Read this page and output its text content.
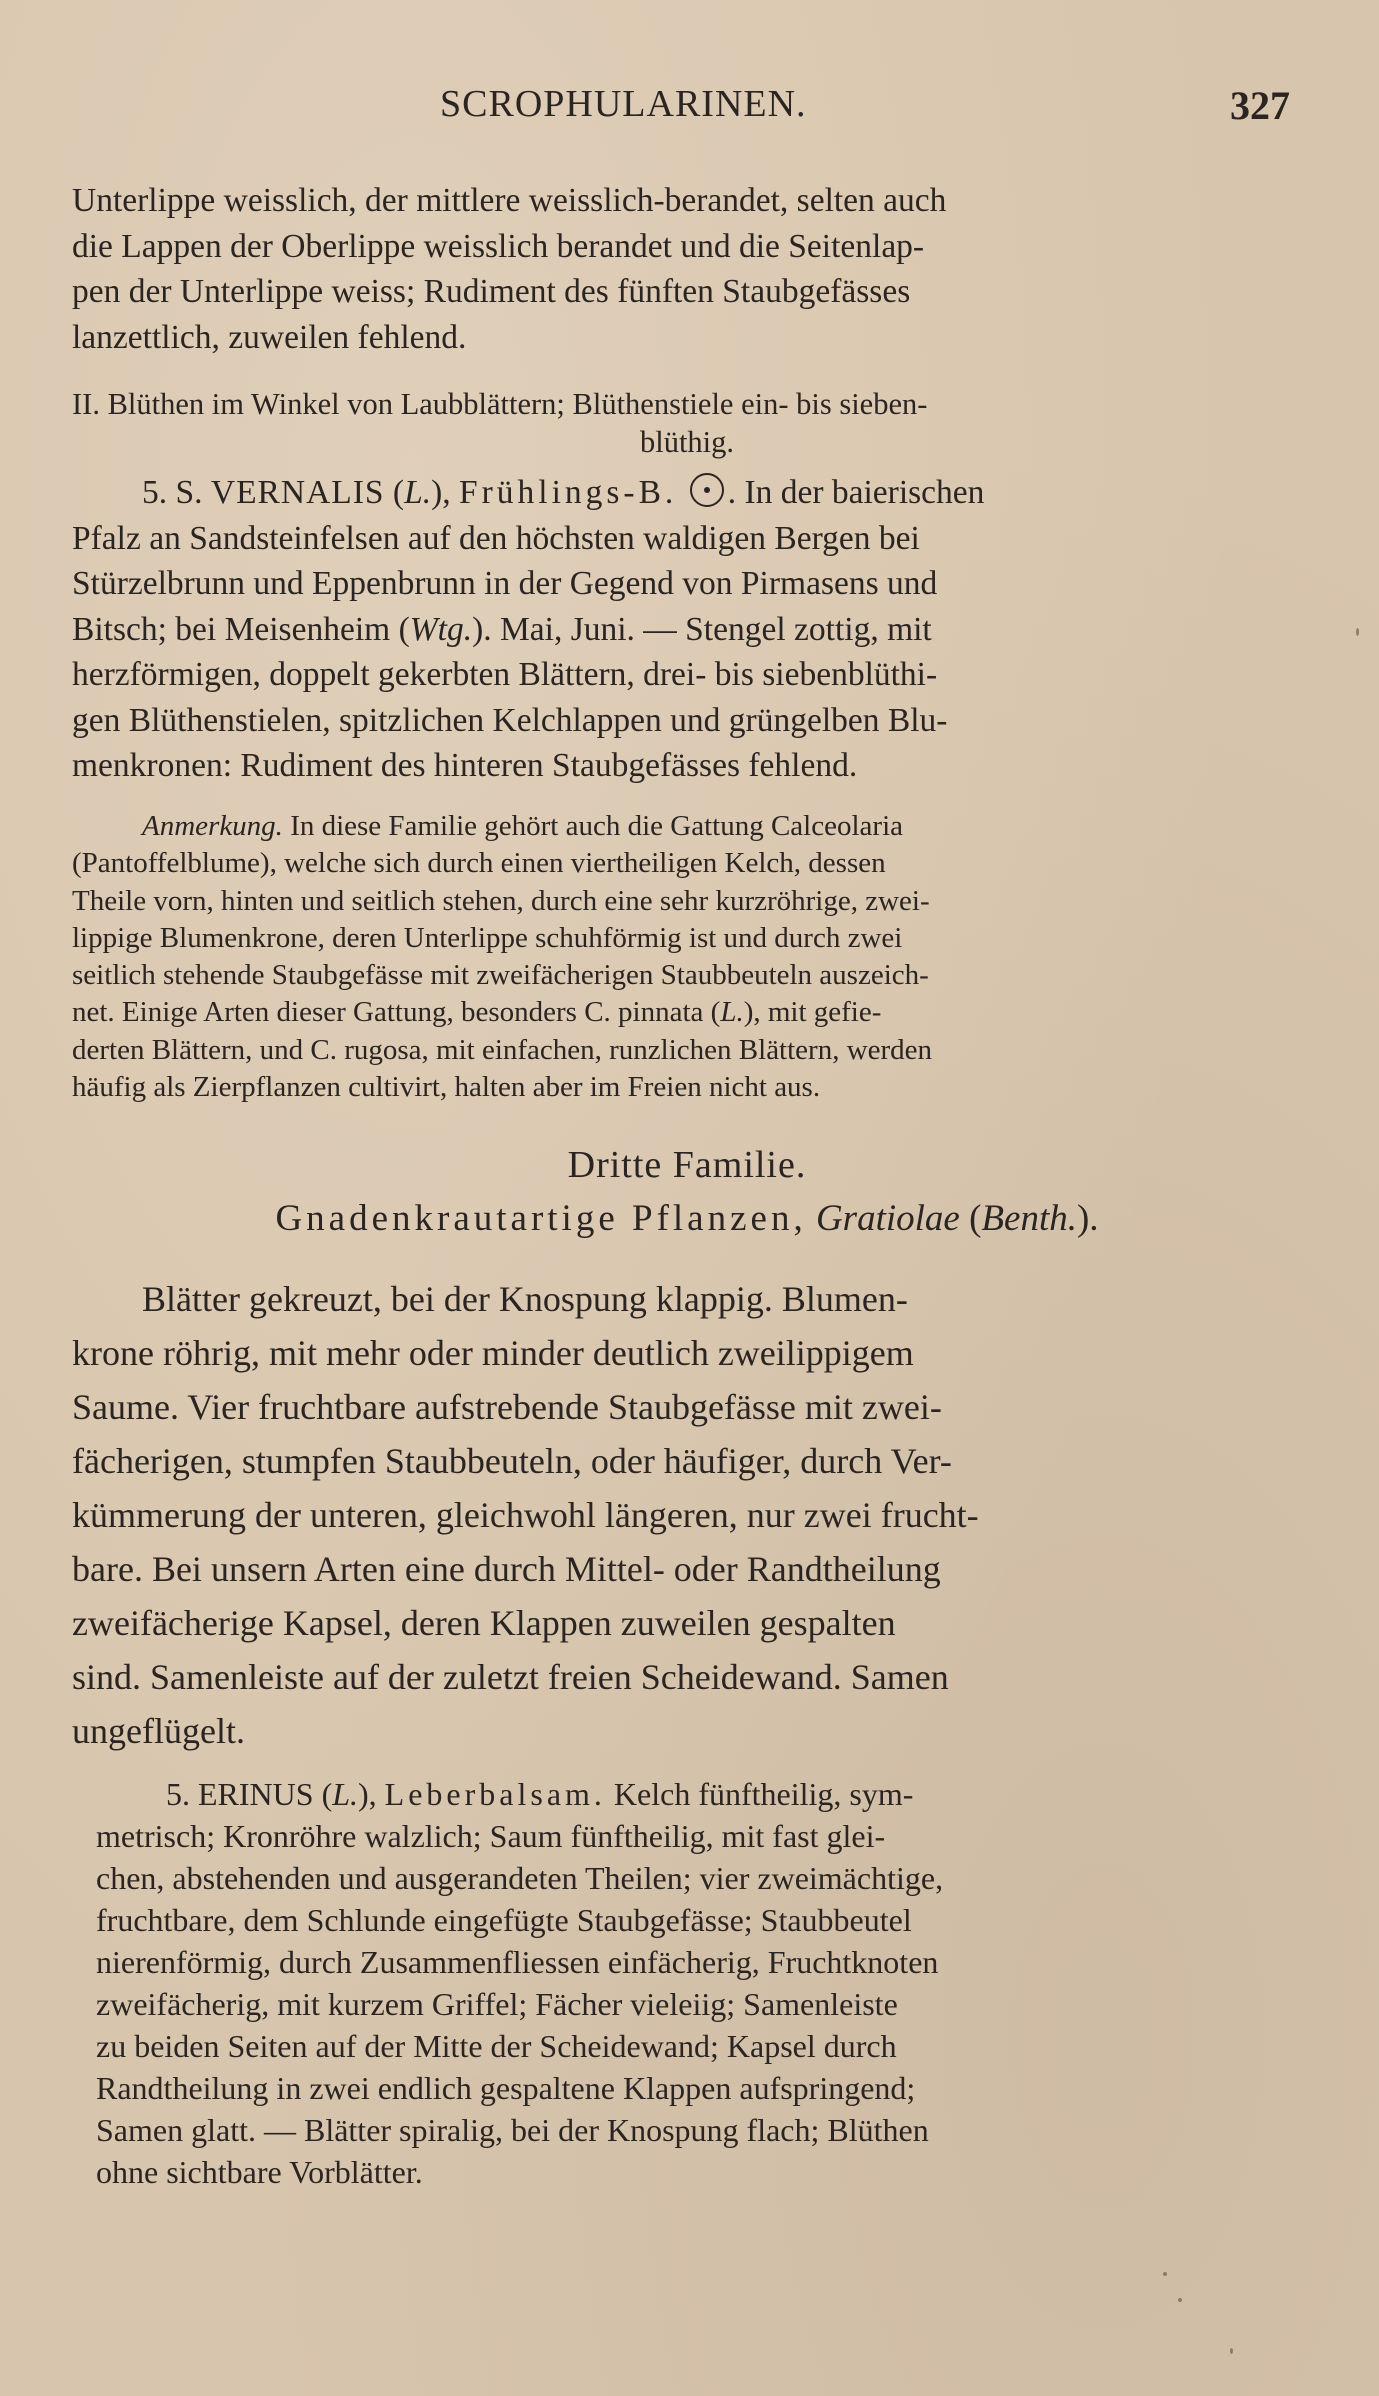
SCROPHULARINEN.	327
Unterlippe weisslich, der mittlere weisslich-berandet, selten auch
die Lappen der Oberlippe weisslich berandet und die Seitenlap-
pen der Unterlippe weiss; Rudiment des fünften Staubgefässes
lanzettlich, zuweilen fehlend.
II. Blüthen im Winkel von Laubblättern; Blüthenstiele ein- bis sieben-
blüthig.
5. S. VERNALIS (L.), Frühlings-B. . In der baierischen
Pfalz an Sandsteinfelsen auf den höchsten waldigen Bergen bei
Stürzelbrunn und Eppenbrunn in der Gegend von Pirmasens und
Bitsch; bei Meisenheim (Wtg.). Mai, Juni. — Stengel zottig, mit
herzförmigen, doppelt gekerbten Blättern, drei- bis siebenblüthi-
gen Blüthenstielen, spitzlichen Kelchlappen und grüngelben Blu-
menkronen: Rudiment des hinteren Staubgefässes fehlend.
Anmerkung. In diese Familie gehört auch die Gattung Calceolaria
(Pantoffelblume), welche sich durch einen viertheiligen Kelch, dessen
Theile vorn, hinten und seitlich stehen, durch eine sehr kurzröhrige, zwei-
lippige Blumenkrone, deren Unterlippe schuhförmig ist und durch zwei
seitlich stehende Staubgefässe mit zweifächerigen Staubbeuteln auszeich-
net. Einige Arten dieser Gattung, besonders C. pinnata (L.), mit gefie-
derten Blättern, und C. rugosa, mit einfachen, runzlichen Blättern, werden
häufig als Zierpflanzen cultivirt, halten aber im Freien nicht aus.
Dritte Familie.
Gnadenkrautartige Pflanzen, Gratiolae (Benth.).
Blätter gekreuzt, bei der Knospung klappig. Blumen-
krone röhrig, mit mehr oder minder deutlich zweilippigem
Saume. Vier fruchtbare aufstrebende Staubgefässe mit zwei-
fächerigen, stumpfen Staubbeuteln, oder häufiger, durch Ver-
kümmerung der unteren, gleichwohl längeren, nur zwei frucht-
bare. Bei unsern Arten eine durch Mittel- oder Randtheilung
zweifächerige Kapsel, deren Klappen zuweilen gespalten
sind. Samenleiste auf der zuletzt freien Scheidewand. Samen
ungeflügelt.
5. ERINUS (L.), Leberbalsam. Kelch fünftheilig, sym-
metrisch; Kronröhre walzlich; Saum fünftheilig, mit fast glei-
chen, abstehenden und ausgerandeten Theilen; vier zweimächtige,
fruchtbare, dem Schlunde eingefügte Staubgefässe; Staubbeutel
nierenförmig, durch Zusammenfliessen einfächerig, Fruchtknoten
zweifächerig, mit kurzem Griffel; Fächer vieleiig; Samenleiste
zu beiden Seiten auf der Mitte der Scheidewand; Kapsel durch
Randtheilung in zwei endlich gespaltene Klappen aufspringend;
Samen glatt. — Blätter spiralig, bei der Knospung flach; Blüthen
ohne sichtbare Vorblätter.
